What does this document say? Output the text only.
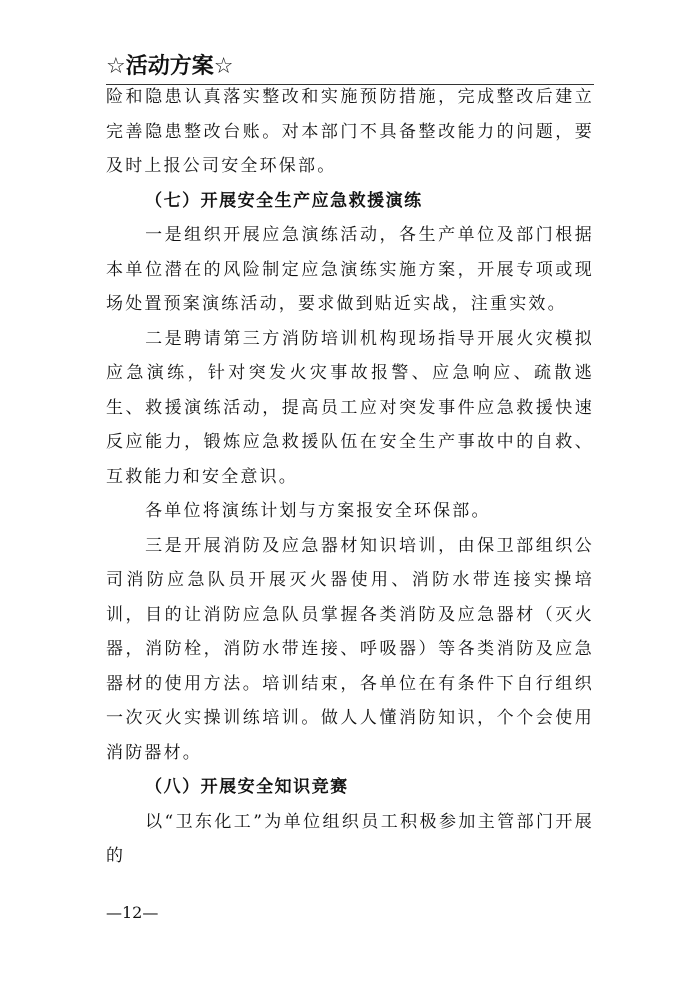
☆活动方案☆

险和隐患认真落实整改和实施预防措施，完成整改后建立完善隐患整改台账。对本部门不具备整改能力的问题，要及时上报公司安全环保部。

（七）开展安全生产应急救援演练

一是组织开展应急演练活动，各生产单位及部门根据本单位潜在的风险制定应急演练实施方案，开展专项或现场处置预案演练活动，要求做到贴近实战，注重实效。

二是聘请第三方消防培训机构现场指导开展火灾模拟应急演练，针对突发火灾事故报警、应急响应、疏散逃生、救援演练活动，提高员工应对突发事件应急救援快速反应能力，锻炼应急救援队伍在安全生产事故中的自救、互救能力和安全意识。

各单位将演练计划与方案报安全环保部。

三是开展消防及应急器材知识培训，由保卫部组织公司消防应急队员开展灭火器使用、消防水带连接实操培训，目的让消防应急队员掌握各类消防及应急器材（灭火器，消防栓，消防水带连接、呼吸器）等各类消防及应急器材的使用方法。培训结束，各单位在有条件下自行组织一次灭火实操训练培训。做人人懂消防知识，个个会使用消防器材。

（八）开展安全知识竞赛

以“卫东化工”为单位组织员工积极参加主管部门开展的

—12—
